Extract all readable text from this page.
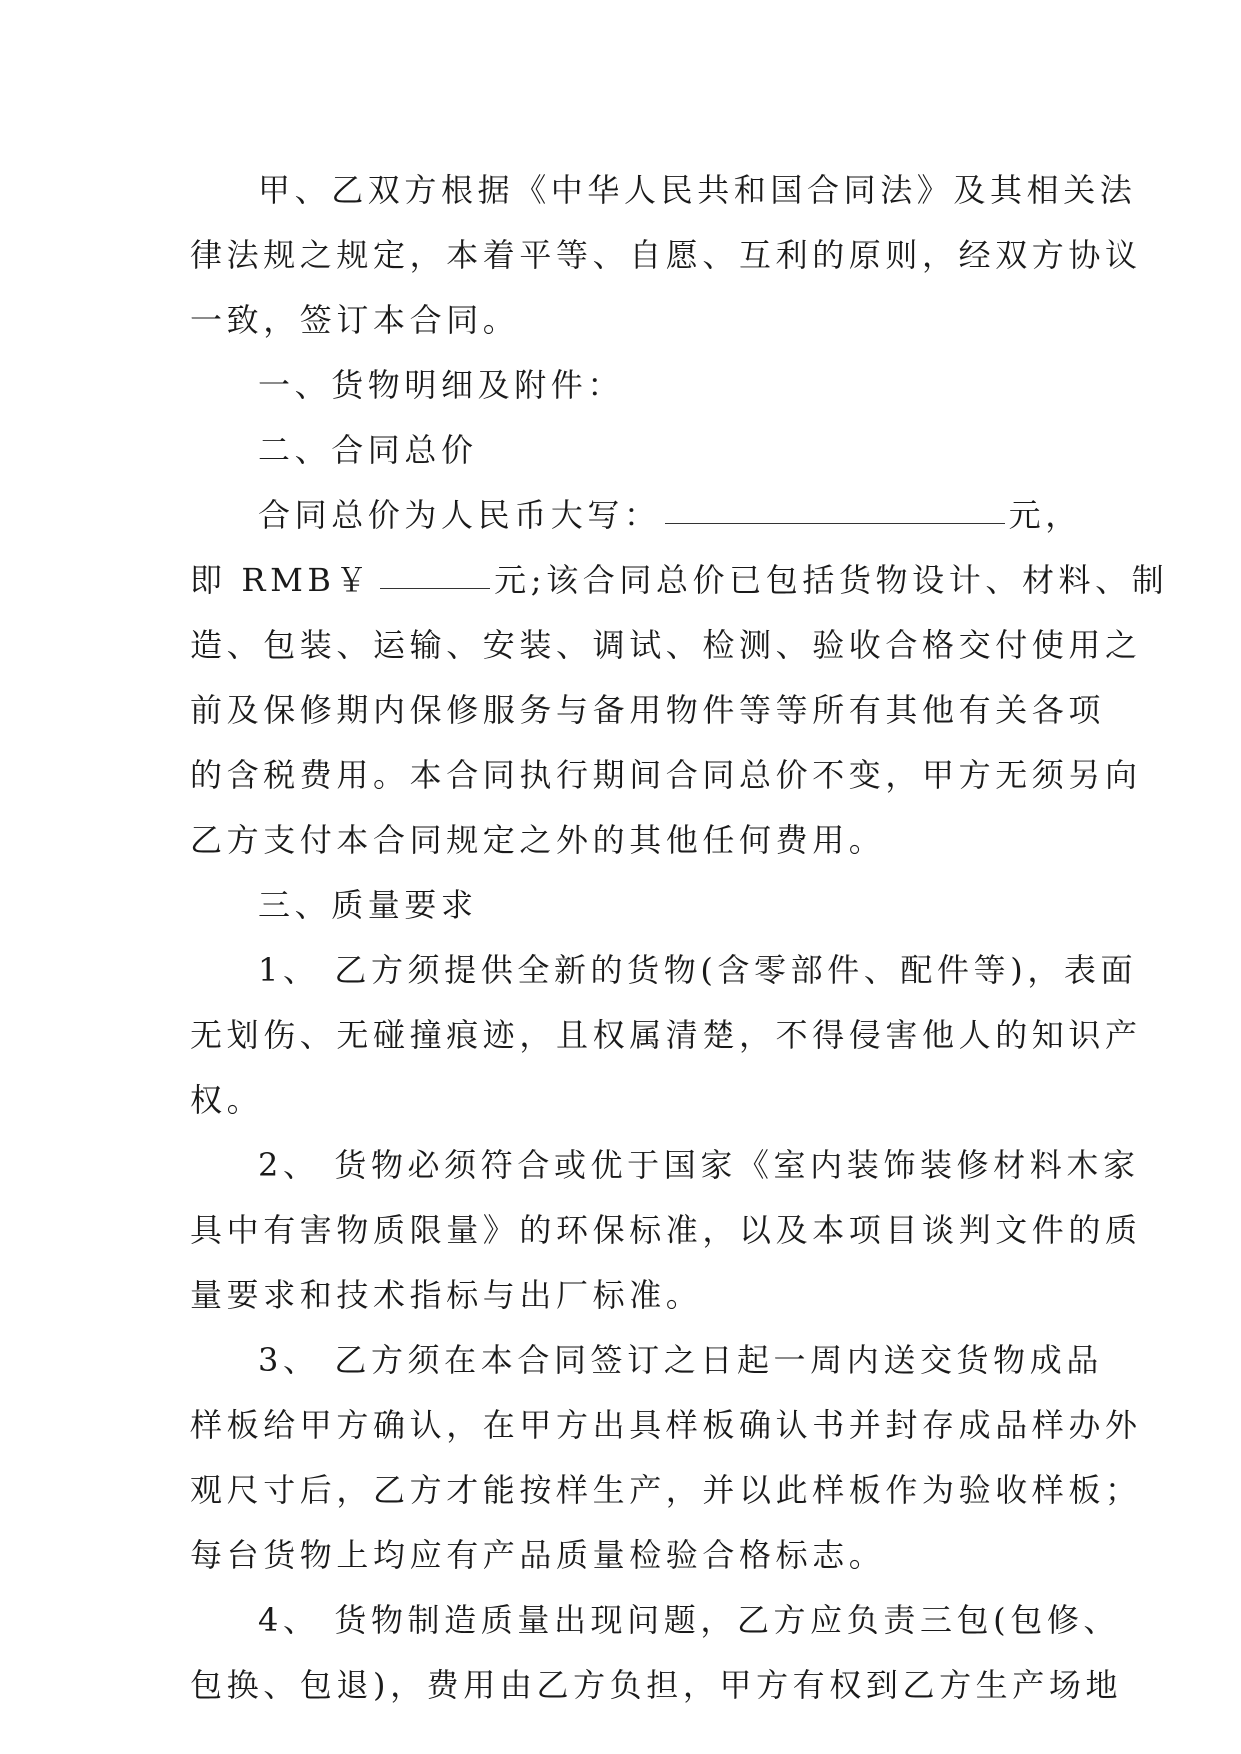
甲、乙双方根据《中华人民共和国合同法》及其相关法
律法规之规定，本着平等、自愿、互利的原则，经双方协议
一致，签订本合同。
一、货物明细及附件：
二、合同总价
合同总价为人民币大写：	元，
即 RMB￥	元;该合同总价已包括货物设计、材料、制
造、包装、运输、安装、调试、检测、验收合格交付使用之
前及保修期内保修服务与备用物件等等所有其他有关各项
的含税费用。本合同执行期间合同总价不变，甲方无须另向
乙方支付本合同规定之外的其他任何费用。
三、质量要求
1、 乙方须提供全新的货物(含零部件、配件等)，表面
无划伤、无碰撞痕迹，且权属清楚，不得侵害他人的知识产
权。
2、 货物必须符合或优于国家《室内装饰装修材料木家
具中有害物质限量》的环保标准，以及本项目谈判文件的质
量要求和技术指标与出厂标准。
3、 乙方须在本合同签订之日起一周内送交货物成品
样板给甲方确认，在甲方出具样板确认书并封存成品样办外
观尺寸后，乙方才能按样生产，并以此样板作为验收样板；
每台货物上均应有产品质量检验合格标志。
4、 货物制造质量出现问题，乙方应负责三包(包修、
包换、包退)，费用由乙方负担，甲方有权到乙方生产场地
